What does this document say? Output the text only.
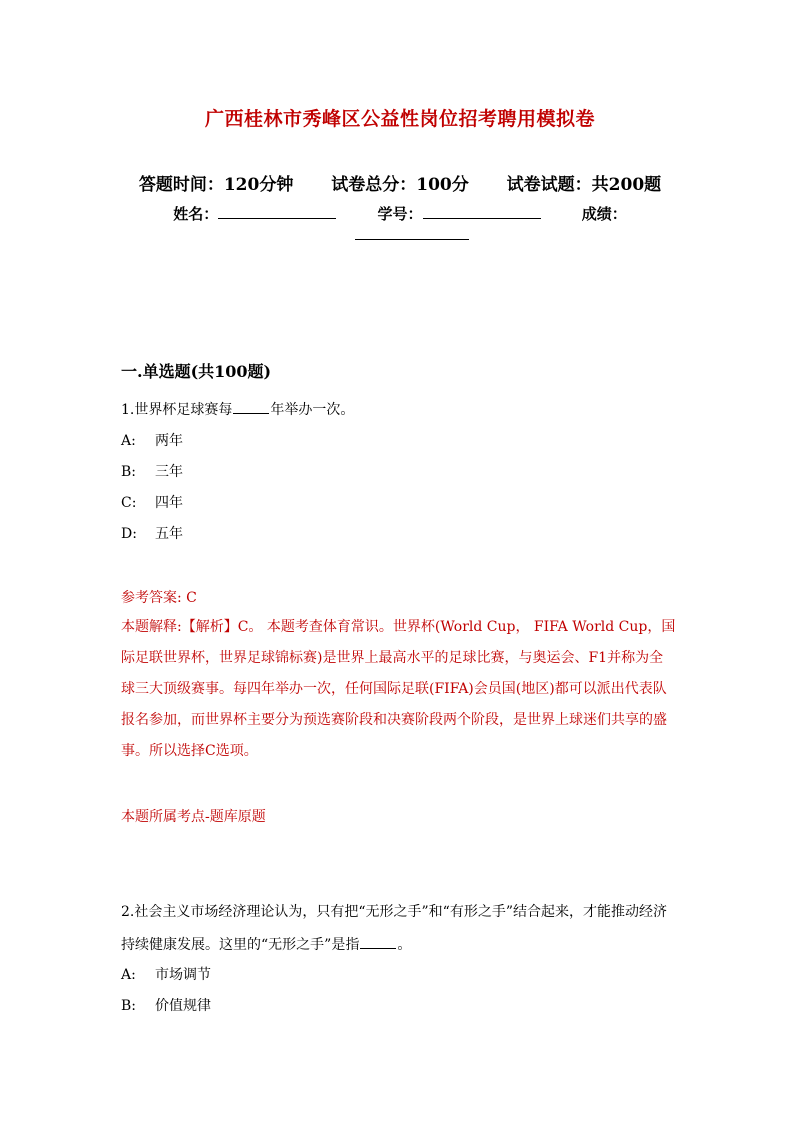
广西桂林市秀峰区公益性岗位招考聘用模拟卷
答题时间：120分钟 试卷总分：100分 试卷试题：共200题
姓名：	学号：	成绩：
一.单选题(共100题)
1.世界杯足球赛每	年举办一次。
A: 两年
B: 三年
C: 四年
D: 五年
参考答案: C
本题解释:【解析】C。 本题考查体育常识。世界杯(World Cup， FIFA World Cup，国际足联世界杯，世界足球锦标赛)是世界上最高水平的足球比赛，与奥运会、F1并称为全球三大顶级赛事。每四年举办一次，任何国际足联(FIFA)会员国(地区)都可以派出代表队报名参加，而世界杯主要分为预选赛阶段和决赛阶段两个阶段，是世界上球迷们共享的盛事。所以选择C选项。
本题所属考点-题库原题
2.社会主义市场经济理论认为，只有把“无形之手”和“有形之手”结合起来，才能推动经济 持续健康发展。这里的“无形之手”是指	。
A: 市场调节
B: 价值规律
